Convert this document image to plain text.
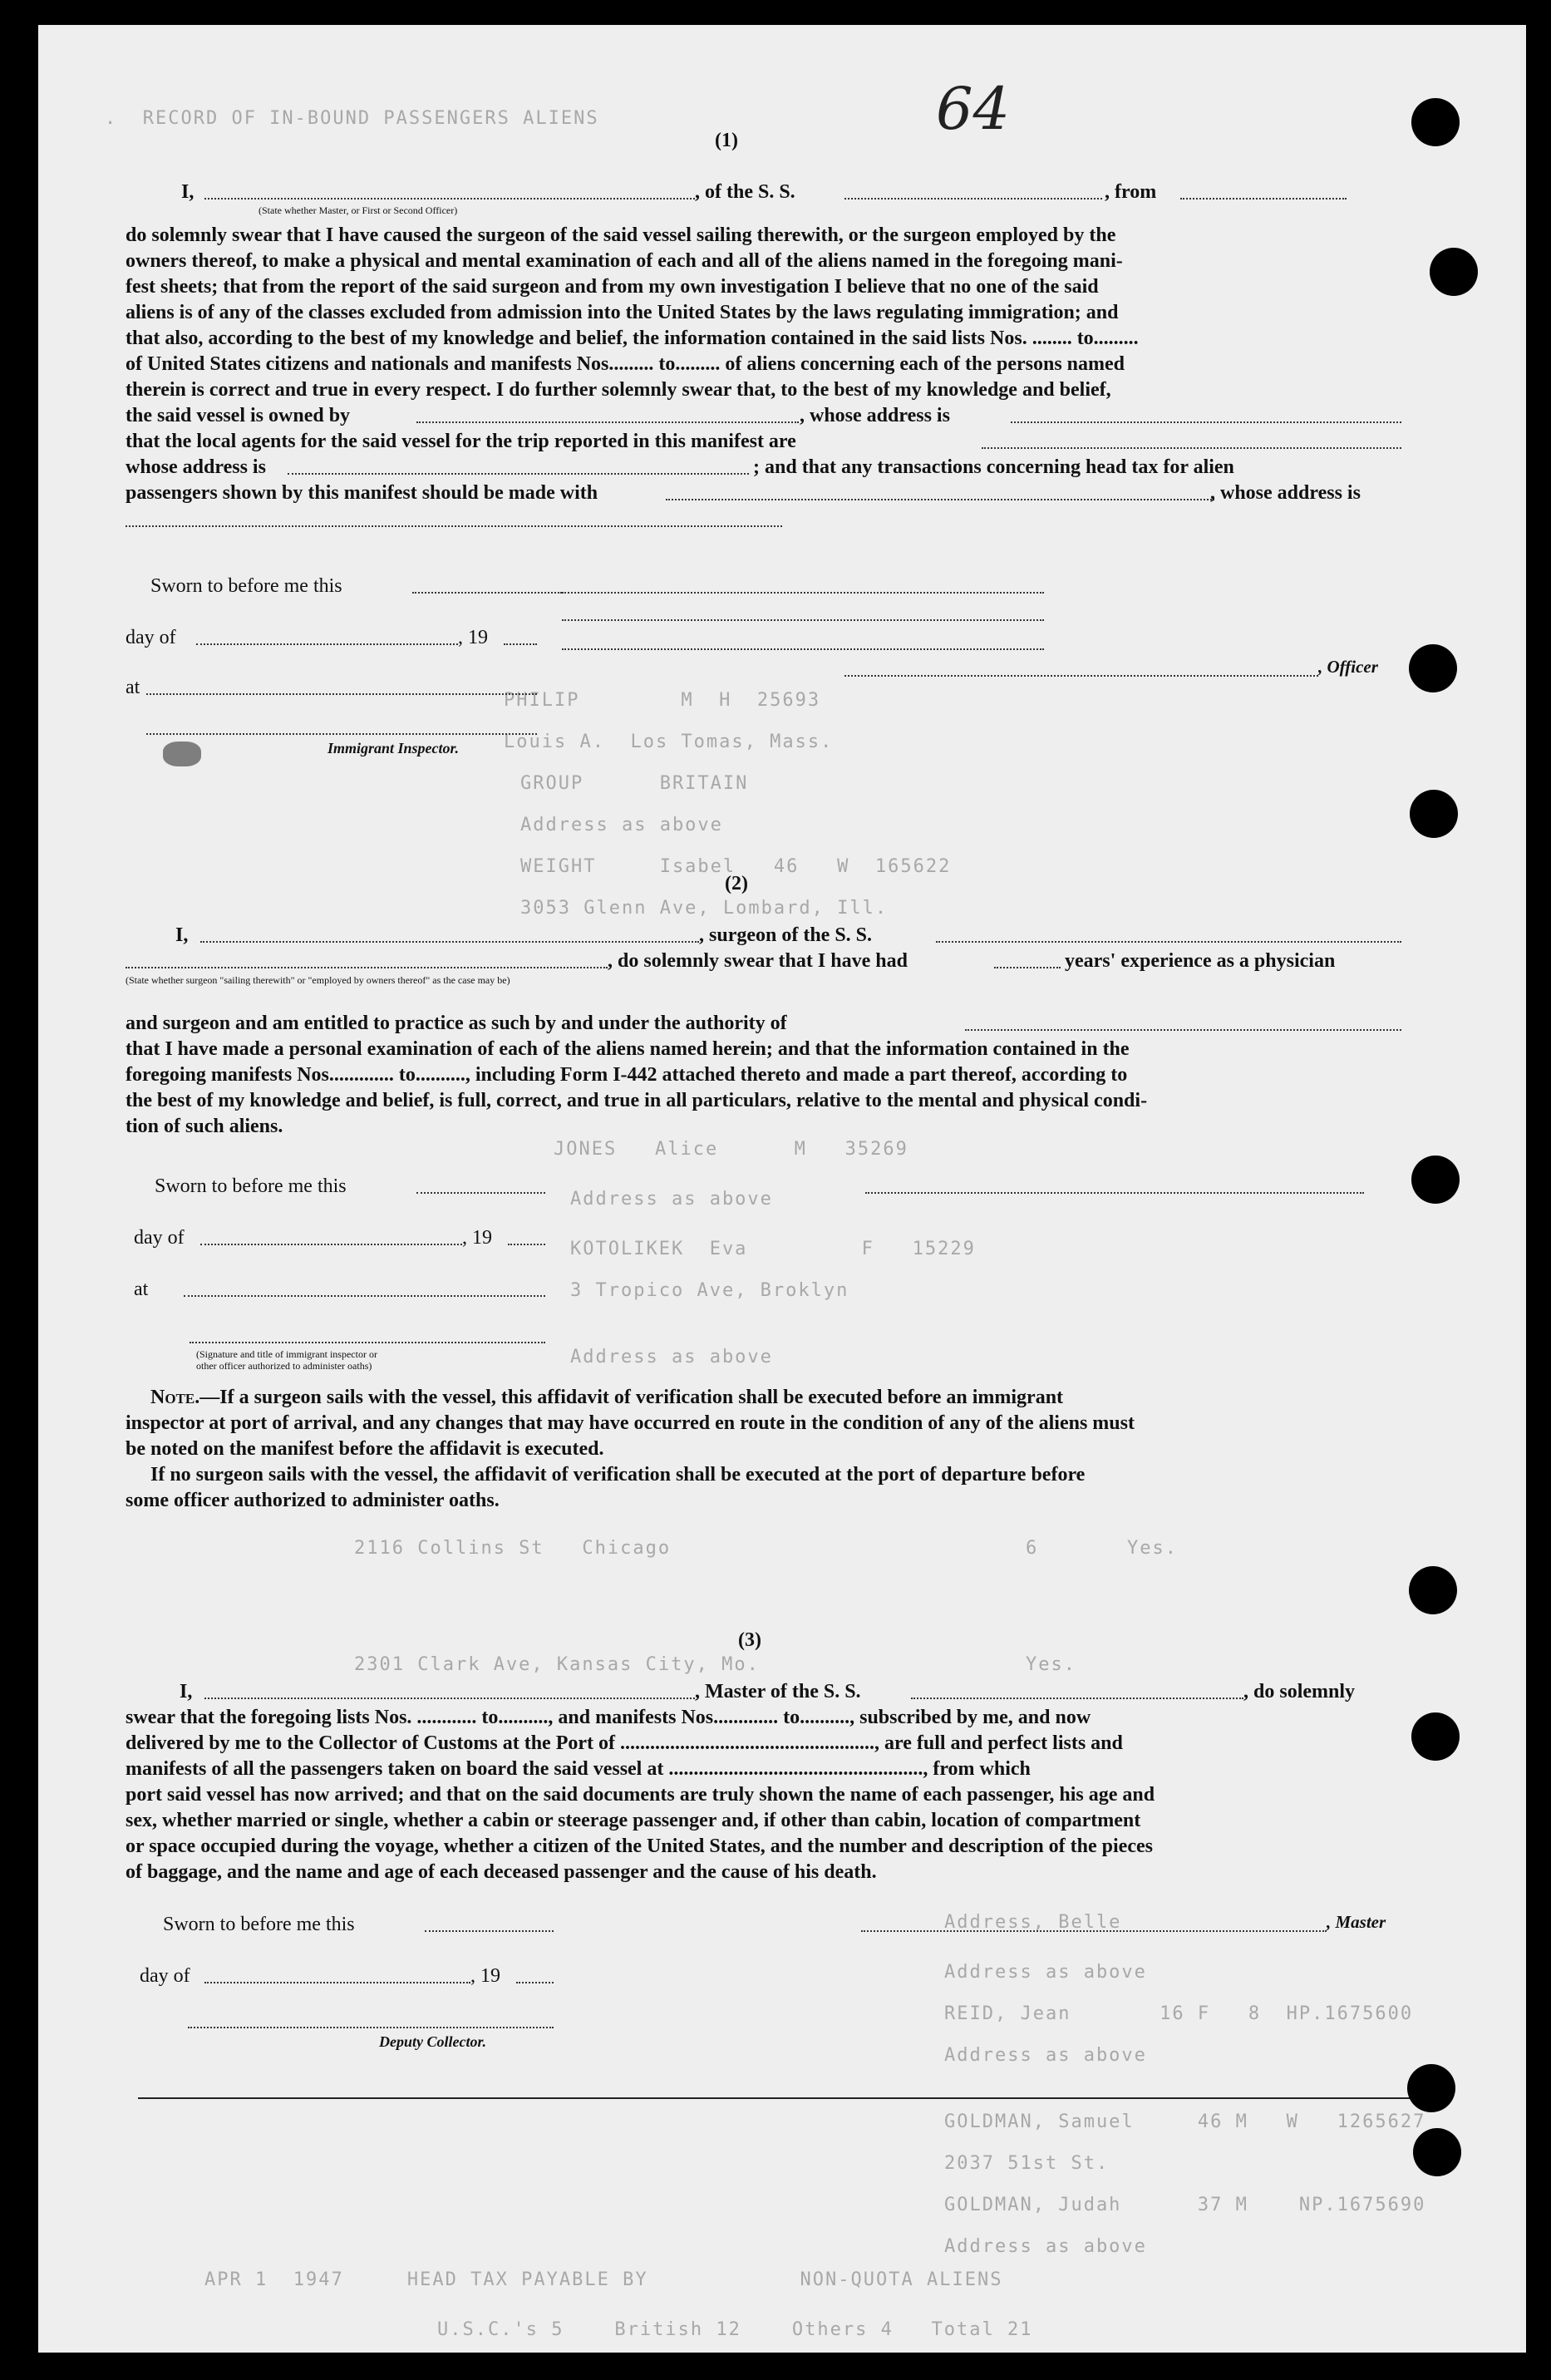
.  RECORD OF IN-BOUND PASSENGERS ALIENS
PHILIP        M  H  25693
Louis A.  Los Tomas, Mass.
GROUP      BRITAIN
Address as above
WEIGHT     Isabel   46   W  165622
3053 Glenn Ave, Lombard, Ill.
JONES   Alice      M   35269
Address as above
KOTOLIKEK  Eva         F   15229
3 Tropico Ave, Broklyn
Address as above
2116 Collins St   Chicago                            6       Yes.
2301 Clark Ave, Kansas City, Mo.                     Yes.
Address, Belle
Address as above
REID, Jean       16 F   8  HP.1675600
Address as above
GOLDMAN, Samuel     46 M   W   1265627
2037 51st St.
GOLDMAN, Judah      37 M    NP.1675690
Address as above
APR 1  1947     HEAD TAX PAYABLE BY            NON-QUOTA ALIENS
U.S.C.'s 5    British 12    Others 4   Total 21
64
(1)
I,	, of the S. S.	, from
(State whether Master, or First or Second Officer)
do solemnly swear that I have caused the surgeon of the said vessel sailing therewith, or the surgeon employed by the
owners thereof, to make a physical and mental examination of each and all of the aliens named in the foregoing mani-
fest sheets; that from the report of the said surgeon and from my own investigation I believe that no one of the said
aliens is of any of the classes excluded from admission into the United States by the laws regulating immigration; and
that also, according to the best of my knowledge and belief, the information contained in the said lists Nos. ........ to.........
of United States citizens and nationals and manifests Nos......... to......... of aliens concerning each of the persons named
therein is correct and true in every respect. I do further solemnly swear that, to the best of my knowledge and belief,
the said vessel is owned by	, whose address is
that the local agents for the said vessel for the trip reported in this manifest are
whose address is	; and that any transactions concerning head tax for alien
passengers shown by this manifest should be made with	, whose address is
Sworn to before me this
day of	, 19
, Officer
at
Immigrant Inspector.
(2)
I,	, surgeon of the S. S.
, do solemnly swear that I have had	years' experience as a physician
(State whether surgeon "sailing therewith" or "employed by owners thereof" as the case may be)
and surgeon and am entitled to practice as such by and under the authority of
that I have made a personal examination of each of the aliens named herein; and that the information contained in the
foregoing manifests Nos............. to.........., including Form I-442 attached thereto and made a part thereof, according to
the best of my knowledge and belief, is full, correct, and true in all particulars, relative to the mental and physical condi-
tion of such aliens.
Sworn to before me this
day of	, 19
at
(Signature and title of immigrant inspector or other officer authorized to administer oaths)
Note.—If a surgeon sails with the vessel, this affidavit of verification shall be executed before an immigrant
inspector at port of arrival, and any changes that may have occurred en route in the condition of any of the aliens must
be noted on the manifest before the affidavit is executed.
If no surgeon sails with the vessel, the affidavit of verification shall be executed at the port of departure before
some officer authorized to administer oaths.
(3)
I,	, Master of the S. S.	, do solemnly
swear that the foregoing lists Nos. ............ to.........., and manifests Nos............. to.........., subscribed by me, and now
delivered by me to the Collector of Customs at the Port of ..................................................., are full and perfect lists and
manifests of all the passengers taken on board the said vessel at ..................................................., from which
port said vessel has now arrived; and that on the said documents are truly shown the name of each passenger, his age and
sex, whether married or single, whether a cabin or steerage passenger and, if other than cabin, location of compartment
or space occupied during the voyage, whether a citizen of the United States, and the number and description of the pieces
of baggage, and the name and age of each deceased passenger and the cause of his death.
Sworn to before me this	, Master
day of	, 19
Deputy Collector.
